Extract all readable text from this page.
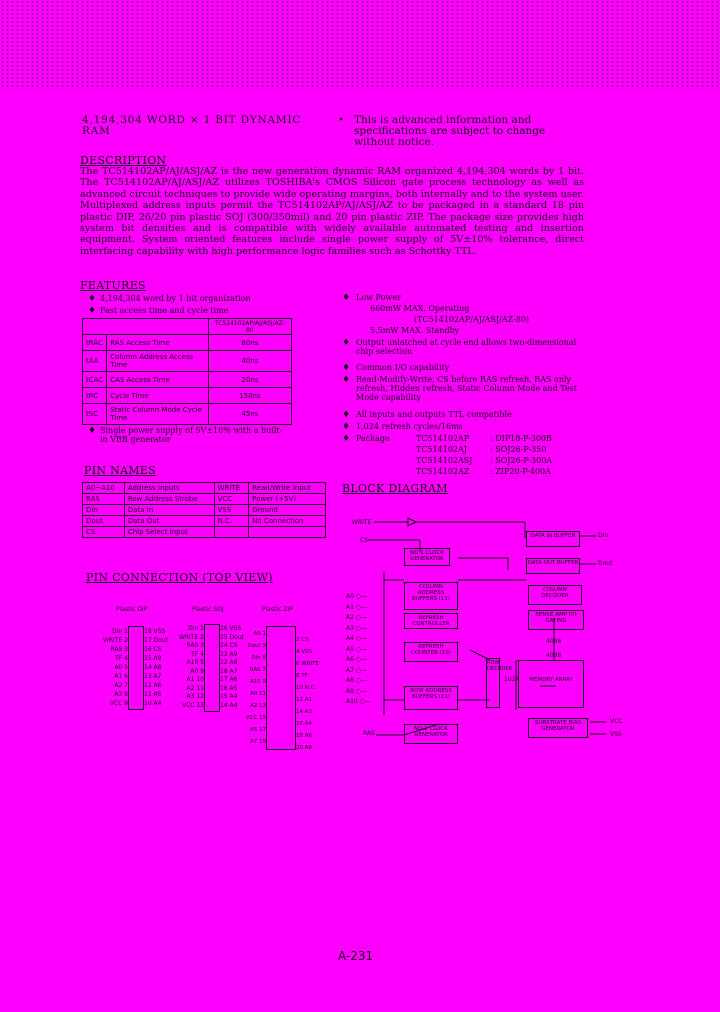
4,194,304 WORD × 1 BIT DYNAMIC RAM
• This is advanced information and specifications are subject to change without notice.
DESCRIPTION
The TC514102AP/AJ/ASJ/AZ is the new generation dynamic RAM organized 4,194,304 words by 1 bit. The TC514102AP/AJ/ASJ/AZ utilizes TOSHIBA's CMOS Silicon gate process technology as well as advanced circuit techniques to provide wide operating margins, both internally and to the system user. Multiplexed address inputs permit the TC514102AP/AJ/ASJ/AZ to be packaged in a standard 18 pin plastic DIP, 26/20 pin plastic SOJ (300/350mil) and 20 pin plastic ZIP. The package size provides high system bit densities and is compatible with widely available automated testing and insertion equipment. System oriented features include single power supply of 5V±10% tolerance, direct interfacing capability with high performance logic families such as Schottky TTL.
FEATURES
♦ 4,194,304 word by 1 bit organization
♦ Fast access time and cycle time
		TC514102AP/AJ/ASJ/AZ-80
tRAC	RAS Access Time	80ns
tAA	Column Address Access Time	40ns
tCAC	CAS Access Time	20ns
tRC	Cycle Time	150ns
tSC	Static Column Mode Cycle Time	45ns
♦ Single power supply of 5V±10% with a built-in VBB generator
♦ Low Power
660mW MAX. Operating
(TC514102AP/AJ/ASJ/AZ-80)
5.5mW MAX. Standby
♦ Output unlatched at cycle end allows two-dimensional chip selection
♦ Common I/O capability
♦ Read-Modify-Write, CS before RAS refresh, RAS only refresh, Hidden refresh, Static Column Mode and Test Mode capability
♦ All inputs and outputs TTL compatible
♦ 1,024 refresh cycles/16ms
♦ Package	TC514102AP	: DIP18-P-300B
TC514102AJ	: SOJ26-P-350
TC514102ASJ : SOJ26-P-300A
TC514102AZ	: ZIP20-P-400A
PIN NAMES
A0~A10	Address Inputs	WRITE	Read/Write Input
RAS	Row Address Strobe	VCC	Power (+5V)
Din	Data In	VSS	Ground
Dout	Data Out	N.C.	No Connection
CS	Chip Select Input		
PIN CONNECTION (TOP VIEW)
Plastic DIP	Plastic SOJ	Plastic ZIP
Din 1
WRITE 2
RAS 3
TF 4
A0 5
A1 6
A2 7
A3 8
VCC 9
18 VSS
17 Dout
16 CS
15 A9
14 A8
13 A7
12 A6
11 A5
10 A4
Din 1
WRITE 2
RAS 3
TF 4
A10 5
A0 9
A1 10
A2 11
A3 12
VCC 13
26 VSS
25 Dout
24 CS
23 A9
22 A8
18 A7
17 A6
16 A5
15 A4
14 A4
A9 1
Dout 3
Din 5
RAS 7
A10 9
A0 11
A2 13
VCC 15
A5 17
A7 19
2 CS
4 VSS
6 WRITE
8 TF
10 N.C.
12 A1
14 A3
16 A4
18 A6
20 A8
BLOCK DIAGRAM
WRITE
CS
RAS
Din
Dout
VCC
VSS
A0 ○—
A1 ○—
A2 ○—
A3 ○—
A4 ○—
A5 ○—
A6 ○—
A7 ○—
A8 ○—
A9 ○—
A10 ○—
NO.1 CLOCK GENERATOR
DATA IN BUFFER
DATA OUT BUFFER
COLUMN ADDRESS BUFFERS (11)
COLUMN DECODER
REFRESH CONTROLLER
SENSE AMP I/O GATING
REFRESH COUNTER (10)
ROW DECODER
MEMORY ARRAY
ROW ADDRESS BUFFERS (11)
NO.2 CLOCK GENERATOR
SUBSTRATE BIAS GENERATOR
4096
1024
4096
A-231
